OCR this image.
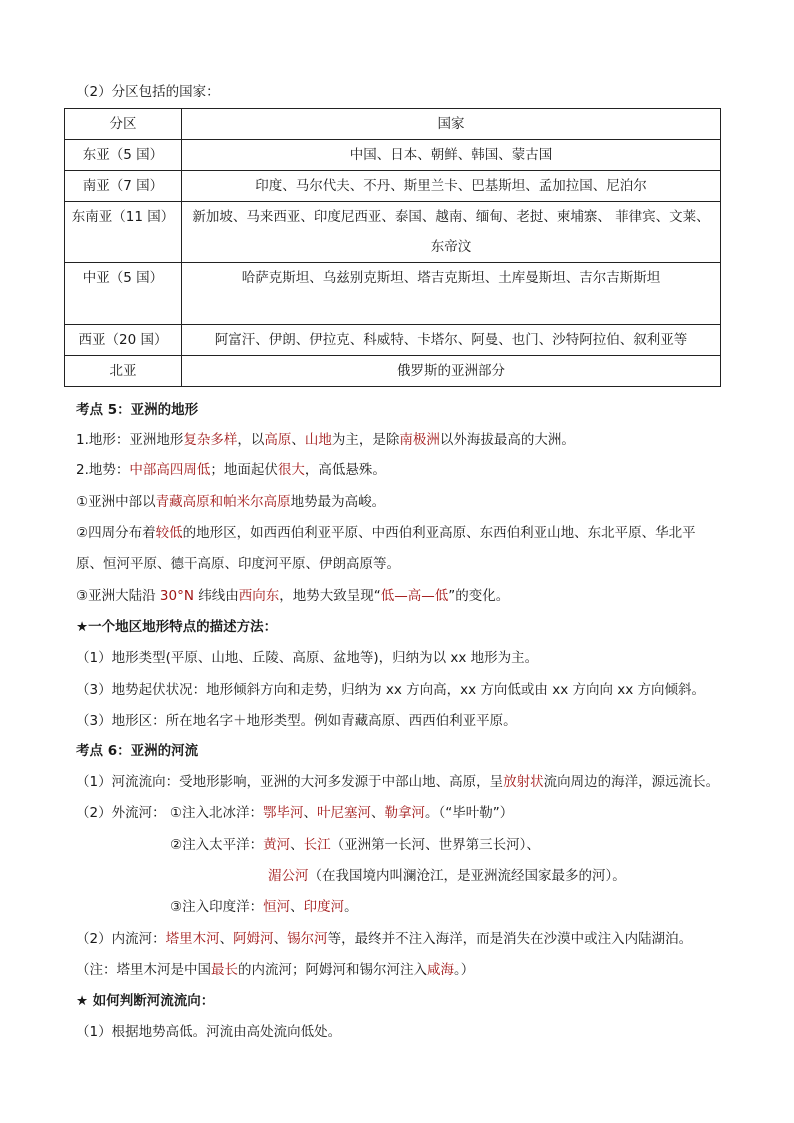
（2）分区包括的国家：
分区	国家
东亚（5 国）	中国、日本、朝鲜、韩国、蒙古国
南亚（7 国）	印度、马尔代夫、不丹、斯里兰卡、巴基斯坦、孟加拉国、尼泊尔
东南亚（11 国）	新加坡、马来西亚、印度尼西亚、泰国、越南、缅甸、老挝、柬埔寨、 菲律宾、文莱、
东帝汶

中亚（5 国）	哈萨克斯坦、乌兹别克斯坦、塔吉克斯坦、土库曼斯坦、吉尔吉斯斯坦
西亚（20 国）	阿富汗、伊朗、伊拉克、科威特、卡塔尔、阿曼、也门、沙特阿拉伯、叙利亚等
北亚	俄罗斯的亚洲部分
考点 5：亚洲的地形
1.地形：亚洲地形复杂多样，以高原、山地为主，是除南极洲以外海拔最高的大洲。
2.地势：中部高四周低；地面起伏很大，高低悬殊。
①亚洲中部以青藏高原和帕米尔高原地势最为高峻。
②四周分布着较低的地形区，如西西伯利亚平原、中西伯利亚高原、东西伯利亚山地、东北平原、华北平
原、恒河平原、德干高原、印度河平原、伊朗高原等。
③亚洲大陆沿 30°N 纬线由西向东，地势大致呈现“低—高—低”的变化。
★一个地区地形特点的描述方法：
（1）地形类型(平原、山地、丘陵、高原、盆地等)，归纳为以 xx 地形为主。
（3）地势起伏状况：地形倾斜方向和走势，归纳为 xx 方向高，xx 方向低或由 xx 方向向 xx 方向倾斜。
（3）地形区：所在地名字＋地形类型。例如青藏高原、西西伯利亚平原。
考点 6：亚洲的河流
（1）河流流向：受地形影响，亚洲的大河多发源于中部山地、高原，呈放射状流向周边的海洋，源远流长。
（2）外流河： ①注入北冰洋：鄂毕河、叶尼塞河、勒拿河。（“毕叶勒”）
②注入太平洋：黄河、长江（亚洲第一长河、世界第三长河）、
湄公河（在我国境内叫澜沧江，是亚洲流经国家最多的河）。
③注入印度洋：恒河、印度河。
（2）内流河：塔里木河、阿姆河、锡尔河等，最终并不注入海洋，而是消失在沙漠中或注入内陆湖泊。
（注：塔里木河是中国最长的内流河；阿姆河和锡尔河注入咸海。）
★ 如何判断河流流向：
（1）根据地势高低。河流由高处流向低处。
